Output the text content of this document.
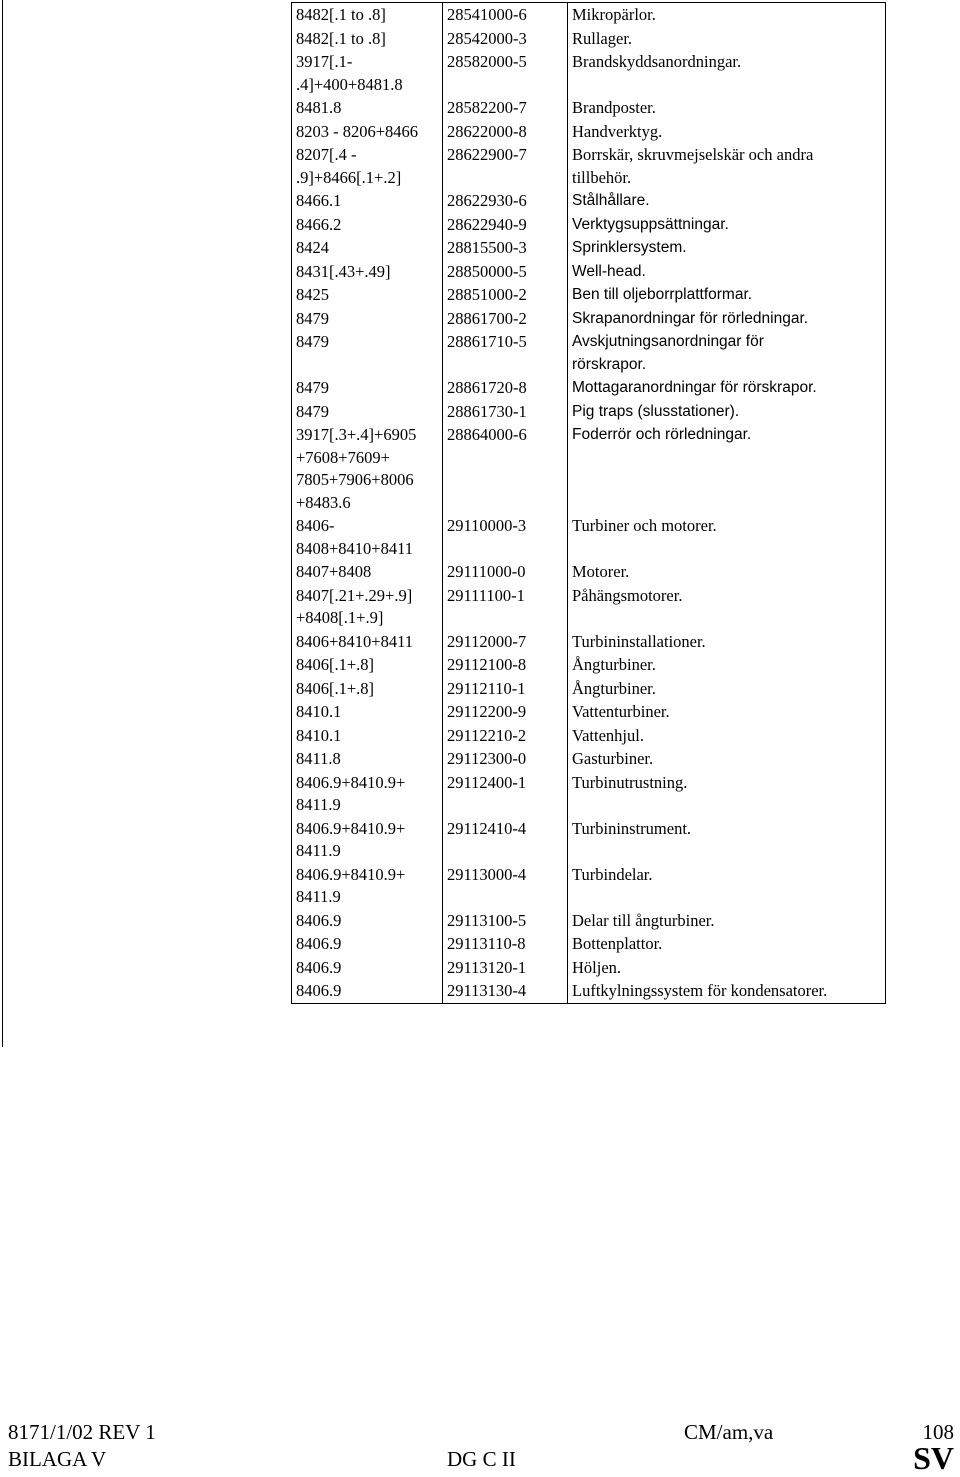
8482[.1 to .8]	28541000-6	Mikropärlor.
8482[.1 to .8]	28542000-3	Rullager.
3917[.1-
.4]+400+8481.8	28582000-5	Brandskyddsanordningar.
8481.8	28582200-7	Brandposter.
8203 - 8206+8466	28622000-8	Handverktyg.
8207[.4 -
.9]+8466[.1+.2]	28622900-7	Borrskär, skruvmejselskär och andra
tillbehör.
8466.1	28622930-6	Stålhållare.
8466.2	28622940-9	Verktygsuppsättningar.
8424	28815500-3	Sprinklersystem.
8431[.43+.49]	28850000-5	Well-head.
8425	28851000-2	Ben till oljeborrplattformar.
8479	28861700-2	Skrapanordningar för rörledningar.
8479	28861710-5	Avskjutningsanordningar för
rörskrapor.
8479	28861720-8	Mottagaranordningar för rörskrapor.
8479	28861730-1	Pig traps (slusstationer).
3917[.3+.4]+6905
+7608+7609+
7805+7906+8006
+8483.6	28864000-6	Foderrör och rörledningar.
8406-
8408+8410+8411	29110000-3	Turbiner och motorer.
8407+8408	29111000-0	Motorer.
8407[.21+.29+.9]
+8408[.1+.9]	29111100-1	Påhängsmotorer.
8406+8410+8411	29112000-7	Turbininstallationer.
8406[.1+.8]	29112100-8	Ångturbiner.
8406[.1+.8]	29112110-1	Ångturbiner.
8410.1	29112200-9	Vattenturbiner.
8410.1	29112210-2	Vattenhjul.
8411.8	29112300-0	Gasturbiner.
8406.9+8410.9+
8411.9	29112400-1	Turbinutrustning.
8406.9+8410.9+
8411.9	29112410-4	Turbininstrument.
8406.9+8410.9+
8411.9	29113000-4	Turbindelar.
8406.9	29113100-5	Delar till ångturbiner.
8406.9	29113110-8	Bottenplattor.
8406.9	29113120-1	Höljen.
8406.9	29113130-4	Luftkylningssystem för kondensatorer.
8171/1/02 REV 1
BILAGA V
CM/am,va	108
DG C II	SV
